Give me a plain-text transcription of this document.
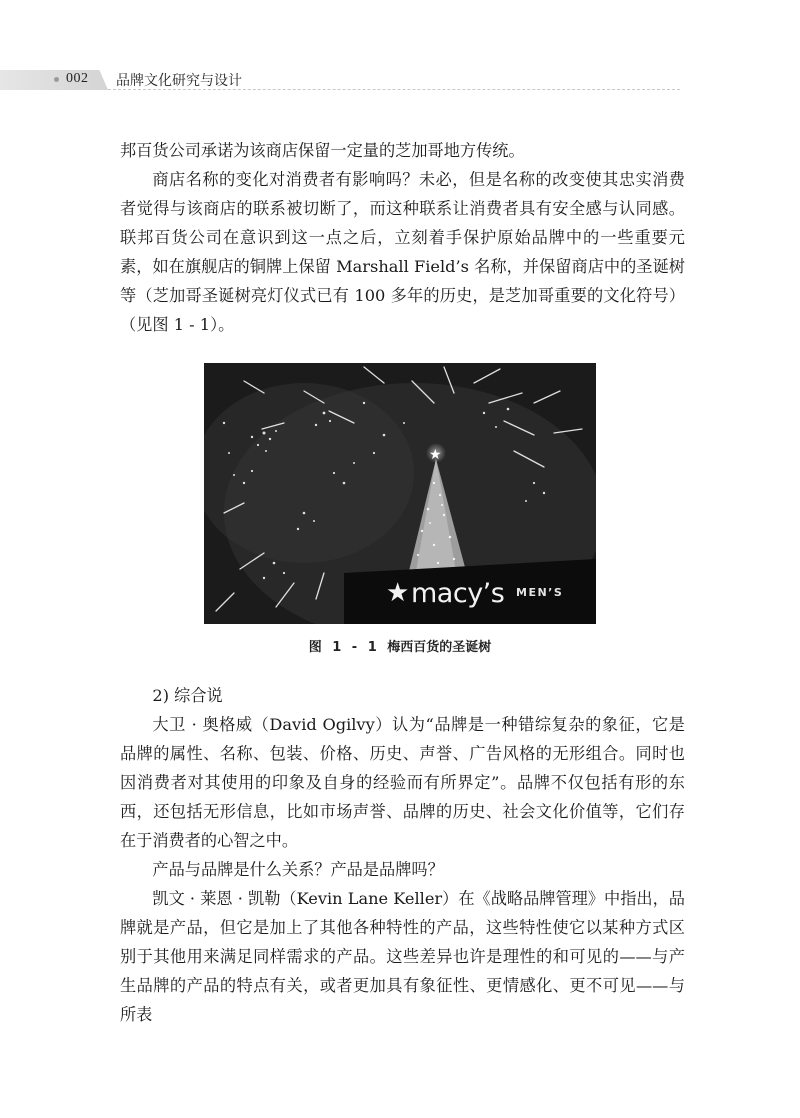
002 品牌文化研究与设计

邦百货公司承诺为该商店保留一定量的芝加哥地方传统。

商店名称的变化对消费者有影响吗？未必，但是名称的改变使其忠实消费者觉得与该商店的联系被切断了，而这种联系让消费者具有安全感与认同感。联邦百货公司在意识到这一点之后，立刻着手保护原始品牌中的一些重要元素，如在旗舰店的铜牌上保留 Marshall Field’s 名称，并保留商店中的圣诞树等（芝加哥圣诞树亮灯仪式已有 100 多年的历史，是芝加哥重要的文化符号）（见图 1 - 1）。

★ macy’s MEN’S
图 1 - 1 梅西百货的圣诞树

2) 综合说

大卫 · 奥格威（David Ogilvy）认为“品牌是一种错综复杂的象征，它是品牌的属性、名称、包装、价格、历史、声誉、广告风格的无形组合。同时也因消费者对其使用的印象及自身的经验而有所界定”。品牌不仅包括有形的东西，还包括无形信息，比如市场声誉、品牌的历史、社会文化价值等，它们存在于消费者的心智之中。

产品与品牌是什么关系？产品是品牌吗？

凯文 · 莱恩 · 凯勒（Kevin Lane Keller）在《战略品牌管理》中指出，品牌就是产品，但它是加上了其他各种特性的产品，这些特性使它以某种方式区别于其他用来满足同样需求的产品。这些差异也许是理性的和可见的——与产生品牌的产品的特点有关，或者更加具有象征性、更情感化、更不可见——与所表
